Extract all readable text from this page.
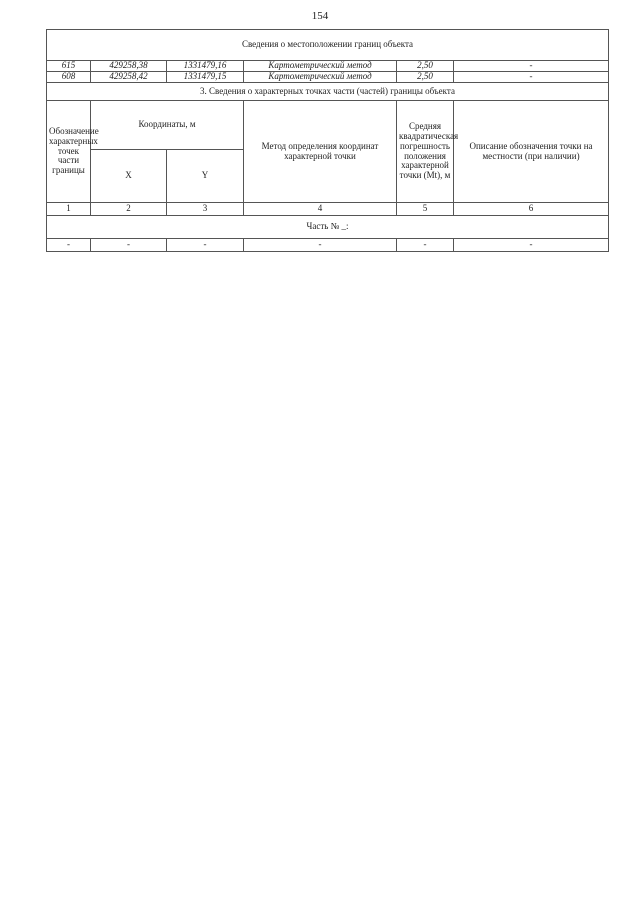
154
Сведения о местоположении границ объекта					
615	429258,38	1331479,16	Картометрический метод	2,50	-
608	429258,42	1331479,15	Картометрический метод	2,50	-
3. Сведения о характерных точках части (частей) границы объекта					
Обозначение характерных точек части границы	Координаты, м		Метод определения координат характерной точки	Средняя квадратическая погрешность положения характерной точки (Мt), м	Описание обозначения точки на местности (при наличии)
	X	Y			
1	2	3	4	5	6
Часть № _:					
-	-	-	-	-	-
